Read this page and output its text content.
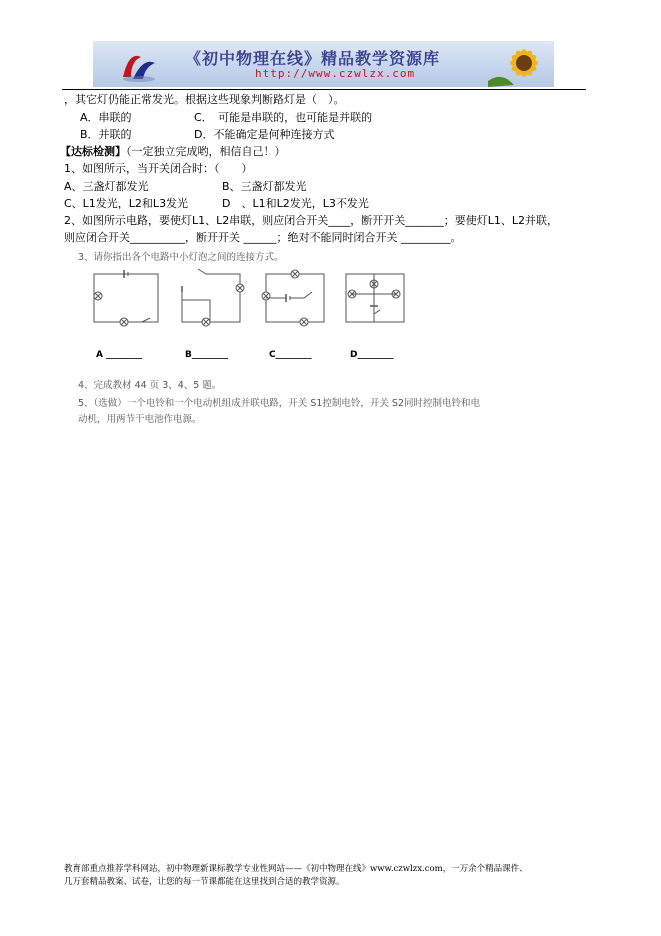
《初中物理在线》精品教学资源库
http://www.czwlzx.com
，其它灯仍能正常发光。根据这些现象判断路灯是（　）。
A．串联的	C．　可能是串联的，也可能是并联的
B．并联的	D．不能确定是何种连接方式
【达标检测】（一定独立完成哟，相信自己！）
1、如图所示，当开关闭合时：（　　）
A、三盏灯都发光	B、三盏灯都发光
C、L1发光，L2和L3发光	D　、L1和L2发光，L3不发光
2、如图所示电路，要使灯L1、L2串联，则应闭合开关____，断开开关_______；要使灯L1、L2并联，
则应闭合开关__________，断开开关 ______；绝对不能同时闭合开关 _________。
3、请你指出各个电路中小灯泡之间的连接方式。
A ________	B________	C________	D________
4、完成教材 44 页 3、4、5 题。
5、（选做）一个电铃和一个电动机组成并联电路，开关 S1控制电铃，开关 S2同时控制电铃和电
动机，用两节干电池作电源。
教育部重点推荐学科网站，初中物理新课标教学专业性网站——《初中物理在线》www.czwlzx.com，一万余个精品课件、
几万套精品教案、试卷，让您的每一节课都能在这里找到合适的教学资源。
